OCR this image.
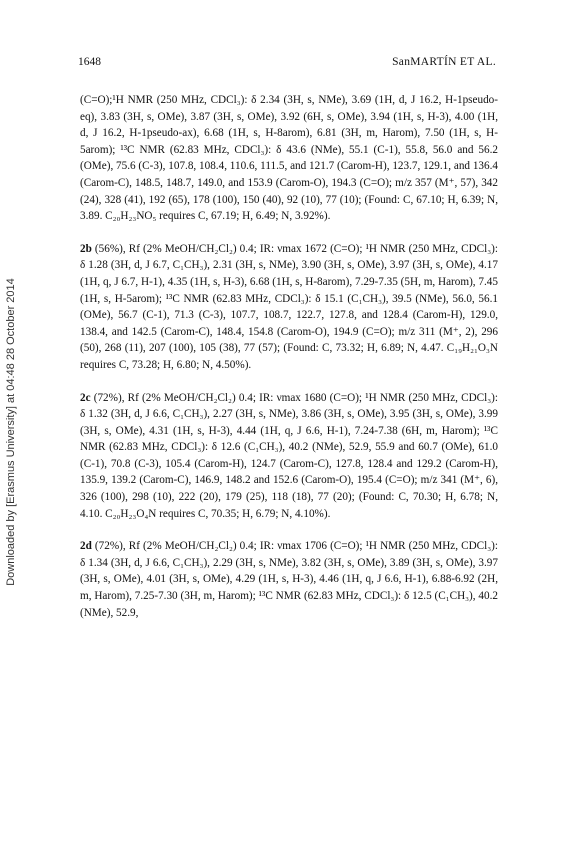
1648	SanMARTÍN ET AL.
Downloaded by [Erasmus University] at 04:48 28 October 2014

(C=O);¹H NMR (250 MHz, CDCl₃): δ 2.34 (3H, s, NMe), 3.69 (1H, d, J 16.2, H-1pseudo-eq), 3.83 (3H, s, OMe), 3.87 (3H, s, OMe), 3.92 (6H, s, OMe), 3.94 (1H, s, H-3), 4.00 (1H, d, J 16.2, H-1pseudo-ax), 6.68 (1H, s, H-8arom), 6.81 (3H, m, Harom), 7.50 (1H, s, H-5arom); ¹³C NMR (62.83 MHz, CDCl₃): δ 43.6 (NMe), 55.1 (C-1), 55.8, 56.0 and 56.2 (OMe), 75.6 (C-3), 107.8, 108.4, 110.6, 111.5, and 121.7 (Carom-H), 123.7, 129.1, and 136.4 (Carom-C), 148.5, 148.7, 149.0, and 153.9 (Carom-O), 194.3 (C=O); m/z 357 (M⁺, 57), 342 (24), 328 (41), 192 (65), 178 (100), 150 (40), 92 (10), 77 (10); (Found: C, 67.10; H, 6.39; N, 3.89. C₂₀H₂₃NO₅ requires C, 67.19; H, 6.49; N, 3.92%).

2b (56%), Rf (2% MeOH/CH₂Cl₂) 0.4; IR: νmax 1672 (C=O); ¹H NMR (250 MHz, CDCl₃): δ 1.28 (3H, d, J 6.7, C₁CH₃), 2.31 (3H, s, NMe), 3.90 (3H, s, OMe), 3.97 (3H, s, OMe), 4.17 (1H, q, J 6.7, H-1), 4.35 (1H, s, H-3), 6.68 (1H, s, H-8arom), 7.29-7.35 (5H, m, Harom), 7.45 (1H, s, H-5arom); ¹³C NMR (62.83 MHz, CDCl₃): δ 15.1 (C₁CH₃), 39.5 (NMe), 56.0, 56.1 (OMe), 56.7 (C-1), 71.3 (C-3), 107.7, 108.7, 122.7, 127.8, and 128.4 (Carom-H), 129.0, 138.4, and 142.5 (Carom-C), 148.4, 154.8 (Carom-O), 194.9 (C=O); m/z 311 (M⁺, 2), 296 (50), 268 (11), 207 (100), 105 (38), 77 (57); (Found: C, 73.32; H, 6.89; N, 4.47. C₁₉H₂₁O₃N requires C, 73.28; H, 6.80; N, 4.50%).

2c (72%), Rf (2% MeOH/CH₂Cl₂) 0.4; IR: νmax 1680 (C=O); ¹H NMR (250 MHz, CDCl₃): δ 1.32 (3H, d, J 6.6, C₁CH₃), 2.27 (3H, s, NMe), 3.86 (3H, s, OMe), 3.95 (3H, s, OMe), 3.99 (3H, s, OMe), 4.31 (1H, s, H-3), 4.44 (1H, q, J 6.6, H-1), 7.24-7.38 (6H, m, Harom); ¹³C NMR (62.83 MHz, CDCl₃): δ 12.6 (C₁CH₃), 40.2 (NMe), 52.9, 55.9 and 60.7 (OMe), 61.0 (C-1), 70.8 (C-3), 105.4 (Carom-H), 124.7 (Carom-C), 127.8, 128.4 and 129.2 (Carom-H), 135.9, 139.2 (Carom-C), 146.9, 148.2 and 152.6 (Carom-O), 195.4 (C=O); m/z 341 (M⁺, 6), 326 (100), 298 (10), 222 (20), 179 (25), 118 (18), 77 (20); (Found: C, 70.30; H, 6.78; N, 4.10. C₂₀H₂₃O₄N requires C, 70.35; H, 6.79; N, 4.10%).

2d (72%), Rf (2% MeOH/CH₂Cl₂) 0.4; IR: νmax 1706 (C=O); ¹H NMR (250 MHz, CDCl₃): δ 1.34 (3H, d, J 6.6, C₁CH₃), 2.29 (3H, s, NMe), 3.82 (3H, s, OMe), 3.89 (3H, s, OMe), 3.97 (3H, s, OMe), 4.01 (3H, s, OMe), 4.29 (1H, s, H-3), 4.46 (1H, q, J 6.6, H-1), 6.88-6.92 (2H, m, Harom), 7.25-7.30 (3H, m, Harom); ¹³C NMR (62.83 MHz, CDCl₃): δ 12.5 (C₁CH₃), 40.2 (NMe), 52.9,
